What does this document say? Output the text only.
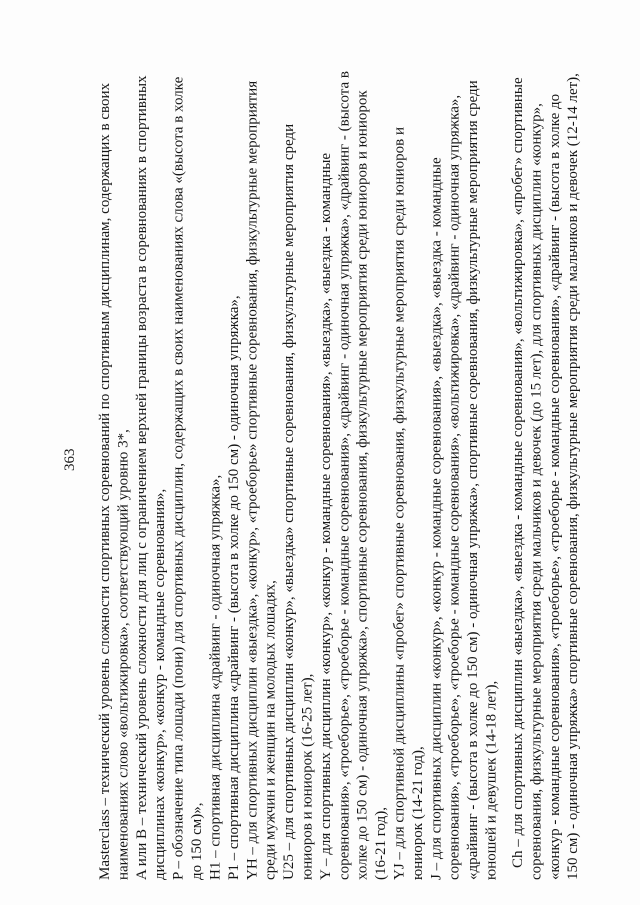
363 Masterclass – технический уровень сложности спортивных соревнований по спортивным дисциплинам, содержащих в своих наименованиях слово «вольтижировка», соответствующий уровню 3*, A или B – технический уровень сложности для лиц с ограничением верхней границы возраста в соревнованиях в спортивных дисциплинах «конкур», «конкур - командные соревнования», P – обозначение типа лошади (пони) для спортивных дисциплин, содержащих в своих наименованиях слова «(высота в холке до 150 см)», H1 – спортивная дисциплина «драйвинг - одиночная упряжка», P1 – спортивная дисциплина «драйвинг - (высота в холке до 150 см) - одиночная упряжка», YH – для спортивных дисциплин «выездка», «конкур», «троеборье» спортивные соревнования, физкультурные мероприятия среди мужчин и женщин на молодых лошадях, U25 – для спортивных дисциплин «конкур», «выездка» спортивные соревнования, физкультурные мероприятия среди юниоров и юниорок (16-25 лет), Y – для спортивных дисциплин «конкур», «конкур - командные соревнования», «выездка», «выездка - командные соревнования», «троеборье», «троеборье - командные соревнования», «драйвинг - одиночная упряжка», «драйвинг - (высота в холке до 150 см) - одиночная упряжка», спортивные соревнования, физкультурные мероприятия среди юниоров и юниорок (16-21 год), YJ – для спортивной дисциплины «пробег» спортивные соревнования, физкультурные мероприятия среди юниоров и юниорок (14-21 год), J – для спортивных дисциплин «конкур», «конкур - командные соревнования», «выездка», «выездка - командные соревнования», «троеборье», «троеборье - командные соревнования», «вольтижировка», «драйвинг - одиночная упряжка», «драйвинг - (высота в холке до 150 см) - одиночная упряжка», спортивные соревнования, физкультурные мероприятия среди юношей и девушек (14-18 лет), Ch – для спортивных дисциплин «выездка», «выездка - командные соревнования», «вольтижировка», «пробег» спортивные соревнования, физкультурные мероприятия среди мальчиков и девочек (до 15 лет), для спортивных дисциплин «конкур», «конкур - командные соревнования», «троеборье», «троеборье - командные соревнования», «драйвинг - (высота в холке до 150 см) - одиночная упряжка» спортивные соревнования, физкультурные мероприятия среди мальчиков и девочек (12-14 лет),
